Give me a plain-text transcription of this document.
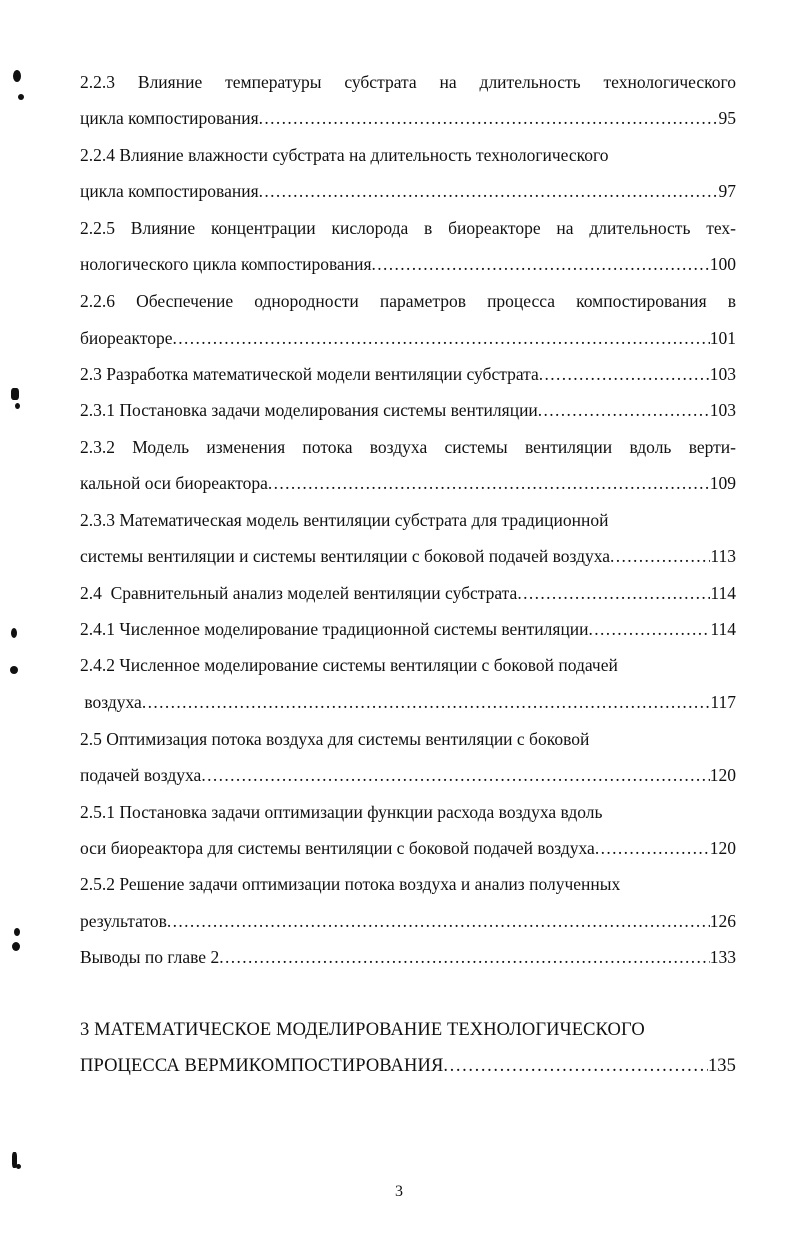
2.2.3 Влияние температуры субстрата на длительность технологического
цикла компостирования . . .	95
2.2.4 Влияние влажности субстрата на длительность технологического
цикла компостирования . . .	97
2.2.5 Влияние концентрации кислорода в биореакторе на длительность тех-
нологического цикла компостирования . . .	100
2.2.6 Обеспечение однородности параметров процесса компостирования в
биореакторе . . .	101
2.3 Разработка математической модели вентиляции субстрата . . .	103
2.3.1 Постановка задачи моделирования системы вентиляции . . .	103
2.3.2 Модель изменения потока воздуха системы вентиляции вдоль верти-
кальной оси биореактора . . .	109
2.3.3 Математическая модель вентиляции субстрата для традиционной
системы вентиляции и системы вентиляции с боковой подачей воздуха . . .	113
2.4  Сравнительный анализ моделей вентиляции субстрата . . .	114
2.4.1 Численное моделирование традиционной системы вентиляции . . .	114
2.4.2 Численное моделирование системы вентиляции с боковой подачей
воздуха . . .	117
2.5 Оптимизация потока воздуха для системы вентиляции с боковой
подачей воздуха . . .	120
2.5.1 Постановка задачи оптимизации функции расхода воздуха вдоль
оси биореактора для системы вентиляции с боковой подачей воздуха . . .	120
2.5.2 Решение задачи оптимизации потока воздуха и анализ полученных
результатов . . .	126
Выводы по главе 2 . . .	133
3 МАТЕМАТИЧЕСКОЕ МОДЕЛИРОВАНИЕ ТЕХНОЛОГИЧЕСКОГО
ПРОЦЕССА ВЕРМИКОМПОСТИРОВАНИЯ . . .	135
3
